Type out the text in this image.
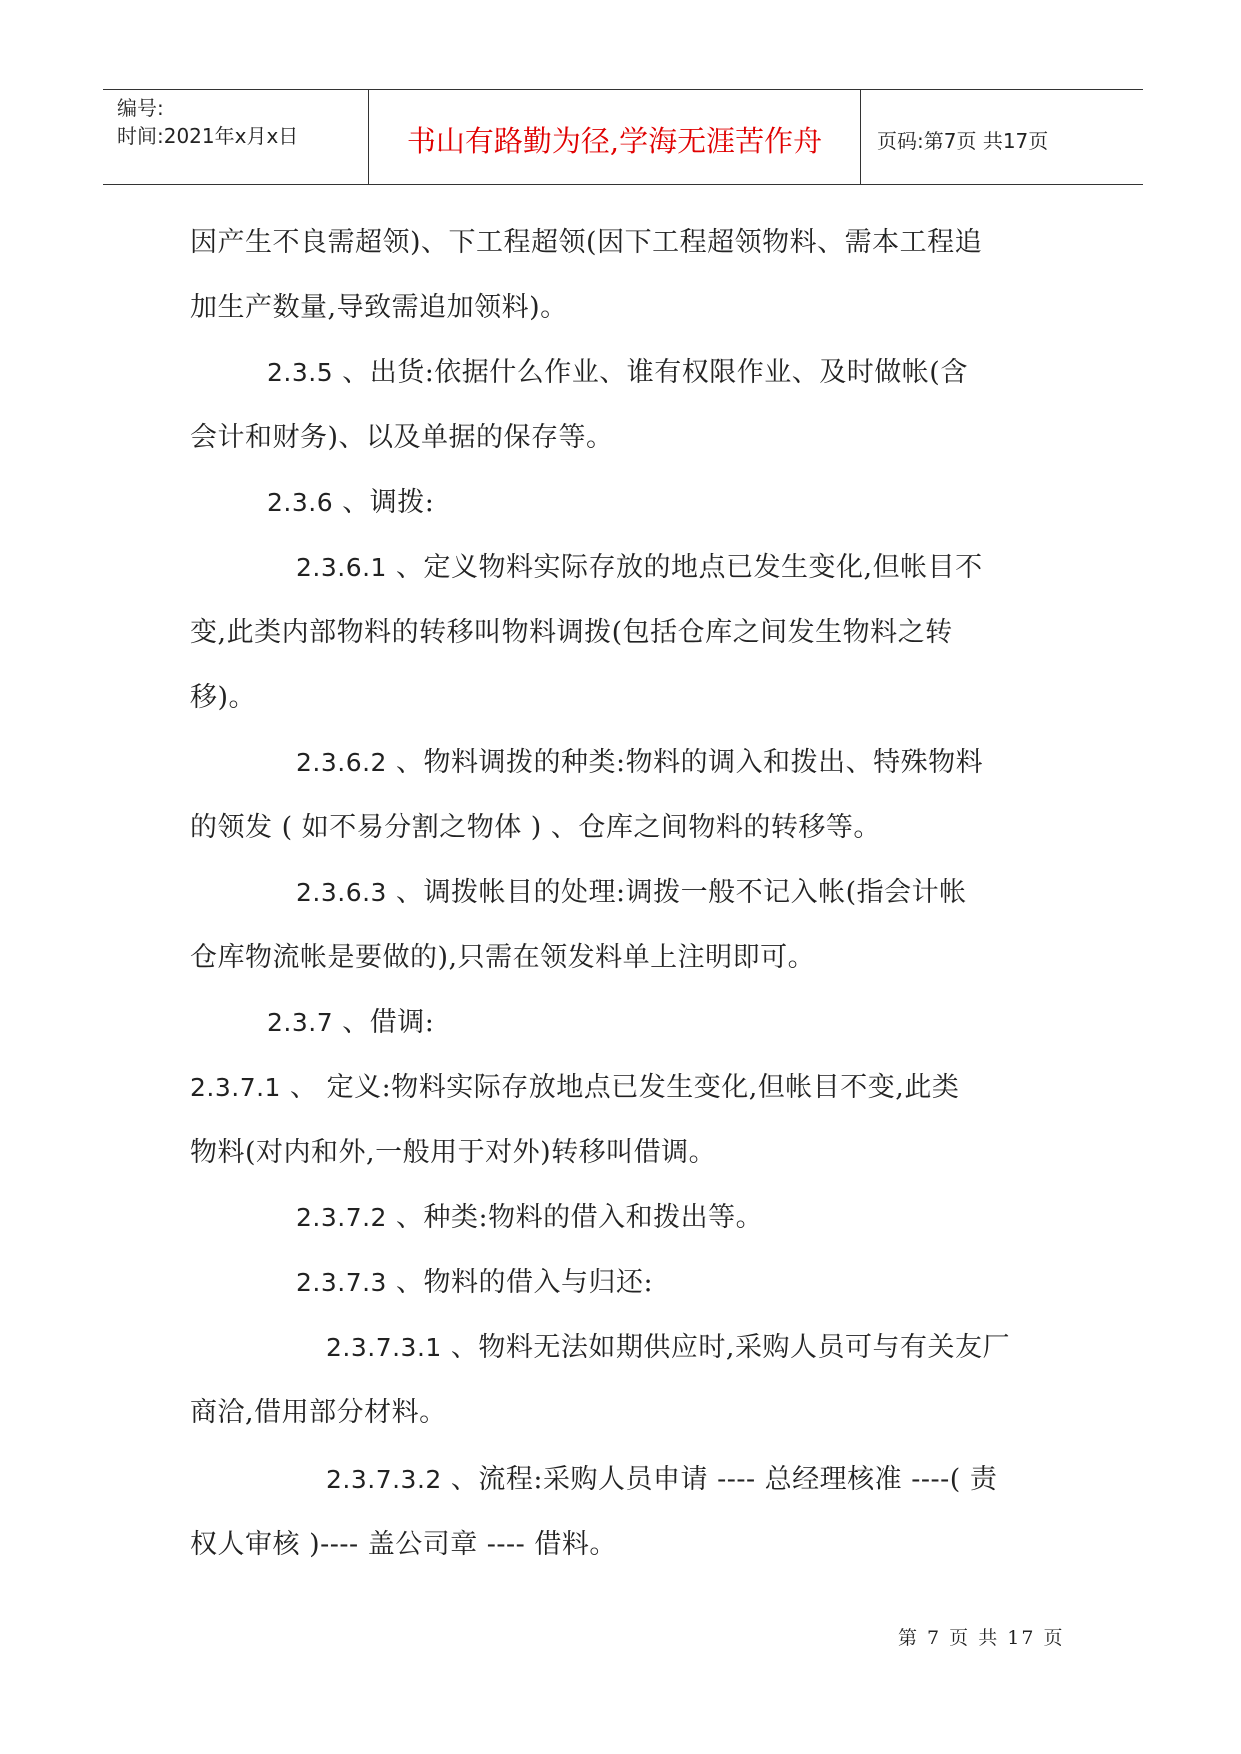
编号:
时间:2021年x月x日	书山有路勤为径,学海无涯苦作舟	页码:第7页 共17页
因产生不良需超领)、下工程超领(因下工程超领物料、需本工程追
加生产数量,导致需追加领料)。
2.3.5 、出货:依据什么作业、谁有权限作业、及时做帐(含
会计和财务)、以及单据的保存等。
2.3.6 、调拨:
2.3.6.1 、定义物料实际存放的地点已发生变化,但帐目不
变,此类内部物料的转移叫物料调拨(包括仓库之间发生物料之转
移)。
2.3.6.2 、物料调拨的种类:物料的调入和拨出、特殊物料
的领发 ( 如不易分割之物体 ) 、仓库之间物料的转移等。
2.3.6.3 、调拨帐目的处理:调拨一般不记入帐(指会计帐
仓库物流帐是要做的),只需在领发料单上注明即可。
2.3.7 、借调:
2.3.7.1 、 定义:物料实际存放地点已发生变化,但帐目不变,此类
物料(对内和外,一般用于对外)转移叫借调。
2.3.7.2 、种类:物料的借入和拨出等。
2.3.7.3 、物料的借入与归还:
2.3.7.3.1 、物料无法如期供应时,采购人员可与有关友厂
商洽,借用部分材料。
2.3.7.3.2 、流程:采购人员申请 ---- 总经理核准 ----( 责
权人审核 )---- 盖公司章 ---- 借料。
第 7 页 共 17 页
